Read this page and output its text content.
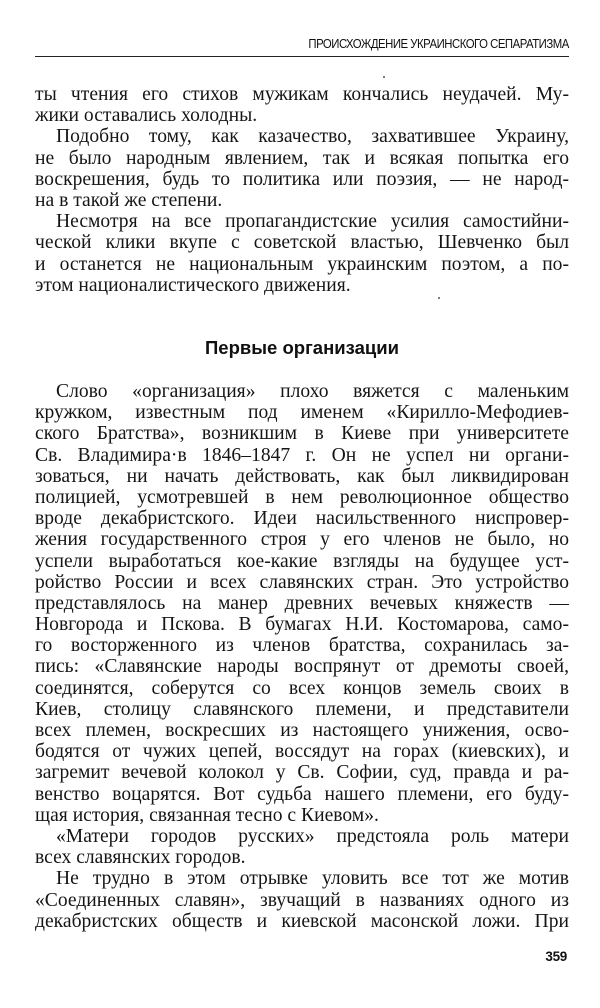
ПРОИСХОЖДЕНИЕ УКРАИНСКОГО СЕПАРАТИЗМА
ты чтения его стихов мужикам кончались неудачей. Му-
жики оставались холодны.
Подобно тому, как казачество, захватившее Украину,
не было народным явлением, так и всякая попытка его
воскрешения, будь то политика или поэзия, — не народ-
на в такой же степени.
Несмотря на все пропагандистские усилия самостийни-
ческой клики вкупе с советской властью, Шевченко был
и останется не национальным украинским поэтом, а по-
этом националистического движения.
Первые организации
Слово «организация» плохо вяжется с маленьким
кружком, известным под именем «Кирилло-Мефодиев-
ского Братства», возникшим в Киеве при университете
Св. Владимира·в 1846–1847 г. Он не успел ни органи-
зоваться, ни начать действовать, как был ликвидирован
полицией, усмотревшей в нем революционное общество
вроде декабристского. Идеи насильственного ниспровер-
жения государственного строя у его членов не было, но
успели выработаться кое-какие взгляды на будущее уст-
ройство России и всех славянских стран. Это устройство
представлялось на манер древних вечевых княжеств —
Новгорода и Пскова. В бумагах Н.И. Костомарова, само-
го восторженного из членов братства, сохранилась за-
пись: «Славянские народы воспрянут от дремоты своей,
соединятся, соберутся со всех концов земель своих в
Киев, столицу славянского племени, и представители
всех племен, воскресших из настоящего унижения, осво-
бодятся от чужих цепей, воссядут на горах (киевских), и
загремит вечевой колокол у Св. Софии, суд, правда и ра-
венство воцарятся. Вот судьба нашего племени, его буду-
щая история, связанная тесно с Киевом».
«Матери городов русских» предстояла роль матери
всех славянских городов.
Не трудно в этом отрывке уловить все тот же мотив
«Соединенных славян», звучащий в названиях одного из
декабристских обществ и киевской масонской ложи. При
359
